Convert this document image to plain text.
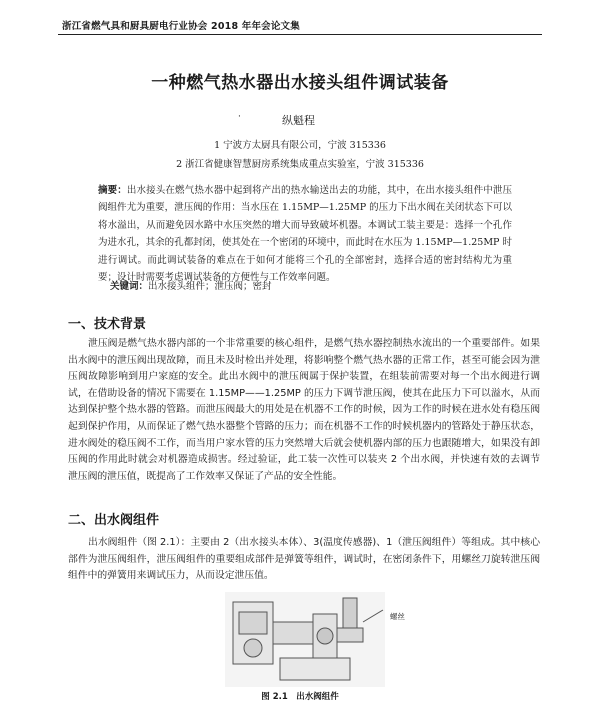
浙江省燃气具和厨具厨电行业协会 2018 年年会论文集
一种燃气热水器出水接头组件调试装备
·	纵魁程
1 宁波方太厨具有限公司，宁波 315336
2 浙江省健康智慧厨房系统集成重点实验室，宁波 315336
摘要：出水接头在燃气热水器中起到将产出的热水输送出去的功能，其中，在出水接头组件中泄压阀组件尤为重要，泄压阀的作用：当水压在 1.15MP—1.25MP 的压力下出水阀在关闭状态下可以将水溢出，从而避免因水路中水压突然的增大而导致破坏机器。本调试工装主要是：选择一个孔作为进水孔，其余的孔都封闭，使其处在一个密闭的环境中，而此时在水压为 1.15MP—1.25MP 时进行调试。而此调试装备的难点在于如何才能将三个孔的全部密封，选择合适的密封结构尤为重要；设计时需要考虑调试装备的方便性与工作效率问题。
关键词：出水接头组件；泄压阀；密封
一、技术背景
泄压阀是燃气热水器内部的一个非常重要的核心组件，是燃气热水器控制热水流出的一个重要部件。如果出水阀中的泄压阀出现故障，而且未及时检出并处理，将影响整个燃气热水器的正常工作，甚至可能会因为泄压阀故障影响到用户家庭的安全。此出水阀中的泄压阀属于保护装置，在组装前需要对每一个出水阀进行调试，在借助设备的情况下需要在 1.15MP——1.25MP 的压力下调节泄压阀，使其在此压力下可以溢水，从而达到保护整个热水器的管路。而泄压阀最大的用处是在机器不工作的时候，因为工作的时候在进水处有稳压阀起到保护作用，从而保证了燃气热水器整个管路的压力；而在机器不工作的时候机器内的管路处于静压状态，进水阀处的稳压阀不工作，而当用户家水管的压力突然增大后就会使机器内部的压力也跟随增大，如果没有卸压阀的作用此时就会对机器造成损害。经过验证，此工装一次性可以装夹 2 个出水阀，并快速有效的去调节泄压阀的泄压值，既提高了工作效率又保证了产品的安全性能。
二、出水阀组件
出水阀组件（图 2.1）：主要由 2（出水接头本体）、3(温度传感器)、1（泄压阀组件）等组成。其中核心部件为泄压阀组件，泄压阀组件的重要组成部件是弹簧等组件，调试时，在密闭条件下，用螺丝刀旋转泄压阀组件中的弹簧用来调试压力，从而设定泄压值。
螺丝
图 2.1　出水阀组件
